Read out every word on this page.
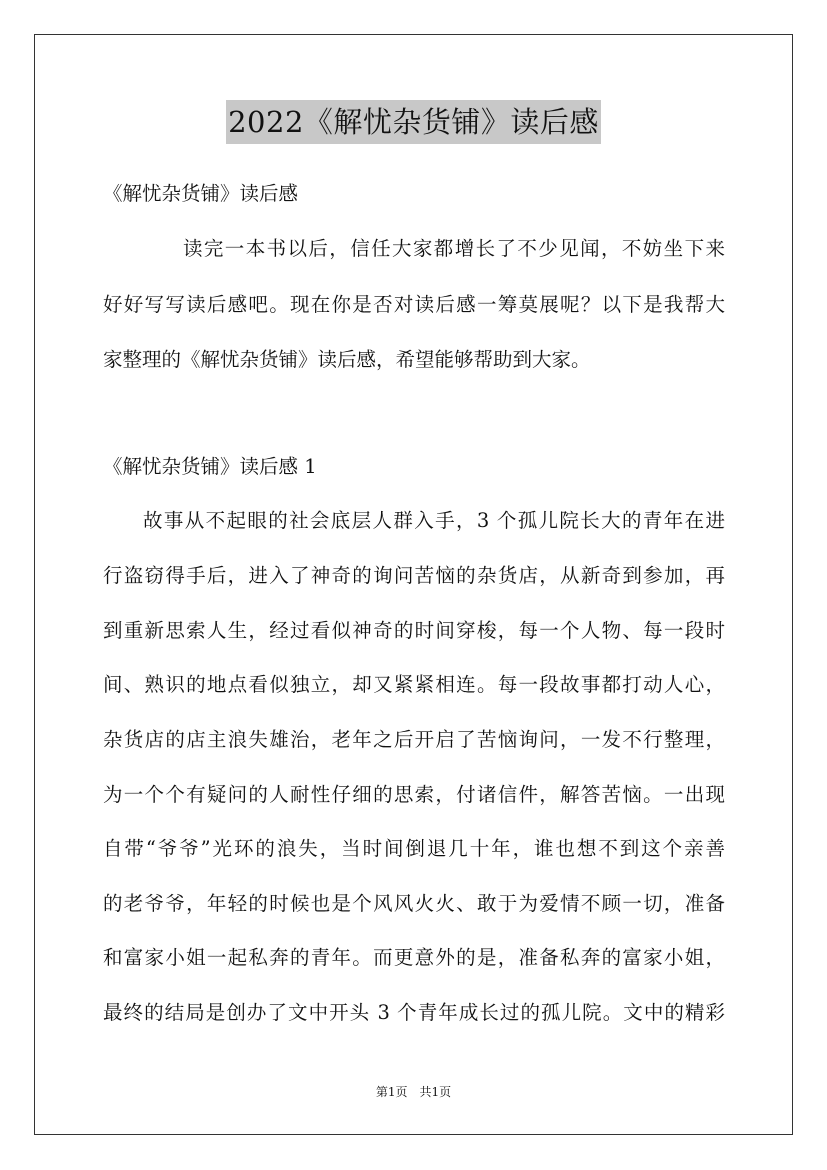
2022《解忧杂货铺》读后感
《解忧杂货铺》读后感
读完一本书以后，信任大家都增长了不少见闻，不妨坐下来
好好写写读后感吧。现在你是否对读后感一筹莫展呢？以下是我帮大
家整理的《解忧杂货铺》读后感，希望能够帮助到大家。
《解忧杂货铺》读后感 1
故事从不起眼的社会底层人群入手，3 个孤儿院长大的青年在进
行盗窃得手后，进入了神奇的询问苦恼的杂货店，从新奇到参加，再
到重新思索人生，经过看似神奇的时间穿梭，每一个人物、每一段时
间、熟识的地点看似独立，却又紧紧相连。每一段故事都打动人心，
杂货店的店主浪失雄治，老年之后开启了苦恼询问，一发不行整理，
为一个个有疑问的人耐性仔细的思索，付诸信件，解答苦恼。一出现
自带“爷爷”光环的浪失，当时间倒退几十年，谁也想不到这个亲善
的老爷爷，年轻的时候也是个风风火火、敢于为爱情不顾一切，准备
和富家小姐一起私奔的青年。而更意外的是，准备私奔的富家小姐，
最终的结局是创办了文中开头 3 个青年成长过的孤儿院。文中的精彩
第1页　共1页
